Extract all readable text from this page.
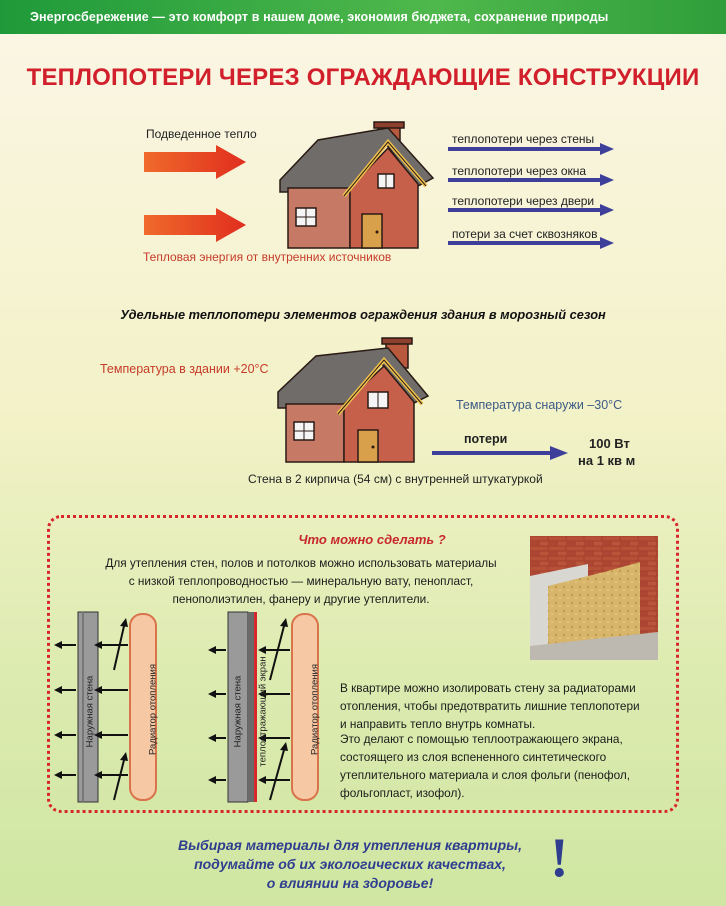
Энергосбережение — это комфорт в нашем доме, экономия бюджета, сохранение природы
ТЕПЛОПОТЕРИ ЧЕРЕЗ ОГРАЖДАЮЩИЕ КОНСТРУКЦИИ
Подведенное тепло
Тепловая энергия от внутренних источников
теплопотери через стены
теплопотери через окна
теплопотери через двери
потери за счет сквозняков
Удельные теплопотери элементов ограждения здания в морозный сезон
Температура в здании +20°С
Температура снаружи –30°С
потери	100 Вт
на 1 кв м
Стена в 2 кирпича (54 см) с внутренней штукатуркой
Что можно сделать ?
Для утепления стен, полов и потолков можно использовать материалы
с низкой теплопроводностью — минеральную вату, пенопласт,
пенополиэтилен, фанеру и другие утеплители.
Наружная стена	Радиатор отопления	Наружная стена теплоотражающий экран	Радиатор отопления В квартире можно изолировать стену за радиаторами
отопления, чтобы предотвратить лишние теплопотери
и направить тепло внутрь комнаты.
Это делают с помощью теплоотражающего экрана,
состоящего из слоя вспененного синтетического
утеплительного материала и слоя фольги (пенофол,
фольгопласт, изофол).
Выбирая материалы для утепления квартиры,
подумайте об их экологических качествах,
о влиянии на здоровье!	!
